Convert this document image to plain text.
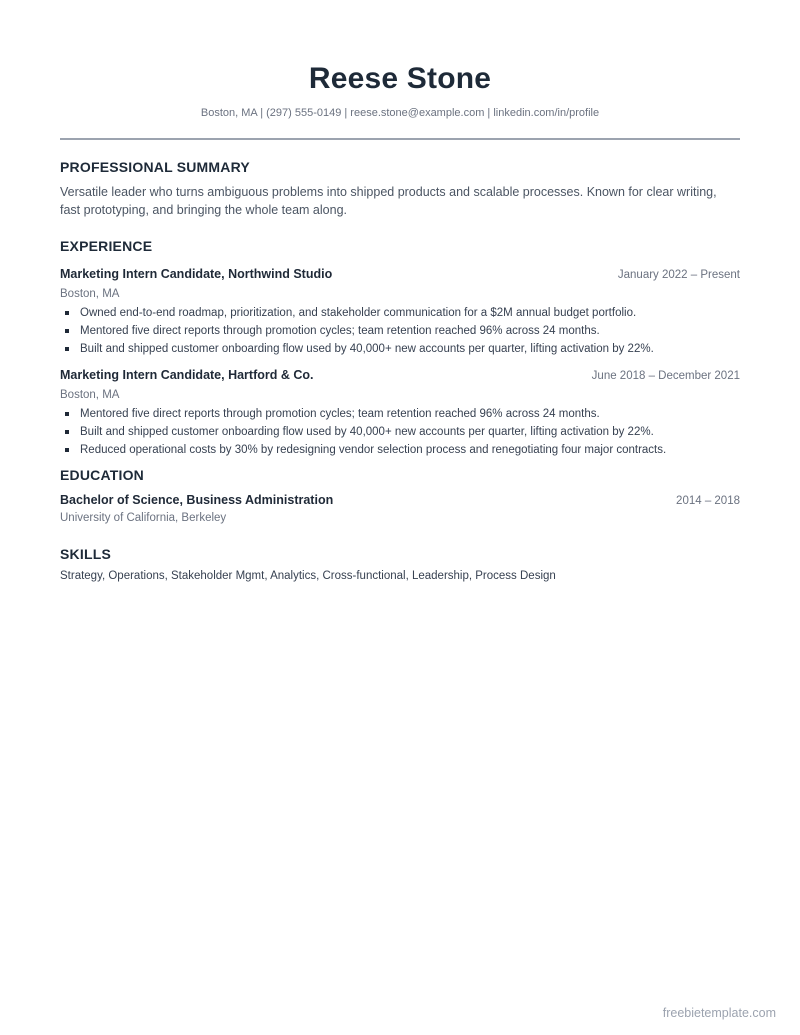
Reese Stone
Boston, MA | (297) 555-0149 | reese.stone@example.com | linkedin.com/in/profile
PROFESSIONAL SUMMARY
Versatile leader who turns ambiguous problems into shipped products and scalable processes. Known for clear writing, fast prototyping, and bringing the whole team along.
EXPERIENCE
Marketing Intern Candidate, Northwind Studio	January 2022 – Present
Boston, MA
Owned end-to-end roadmap, prioritization, and stakeholder communication for a $2M annual budget portfolio.
Mentored five direct reports through promotion cycles; team retention reached 96% across 24 months.
Built and shipped customer onboarding flow used by 40,000+ new accounts per quarter, lifting activation by 22%.
Marketing Intern Candidate, Hartford & Co.	June 2018 – December 2021
Boston, MA
Mentored five direct reports through promotion cycles; team retention reached 96% across 24 months.
Built and shipped customer onboarding flow used by 40,000+ new accounts per quarter, lifting activation by 22%.
Reduced operational costs by 30% by redesigning vendor selection process and renegotiating four major contracts.
EDUCATION
Bachelor of Science, Business Administration	2014 – 2018
University of California, Berkeley
SKILLS
Strategy, Operations, Stakeholder Mgmt, Analytics, Cross-functional, Leadership, Process Design
freebietemplate.com
